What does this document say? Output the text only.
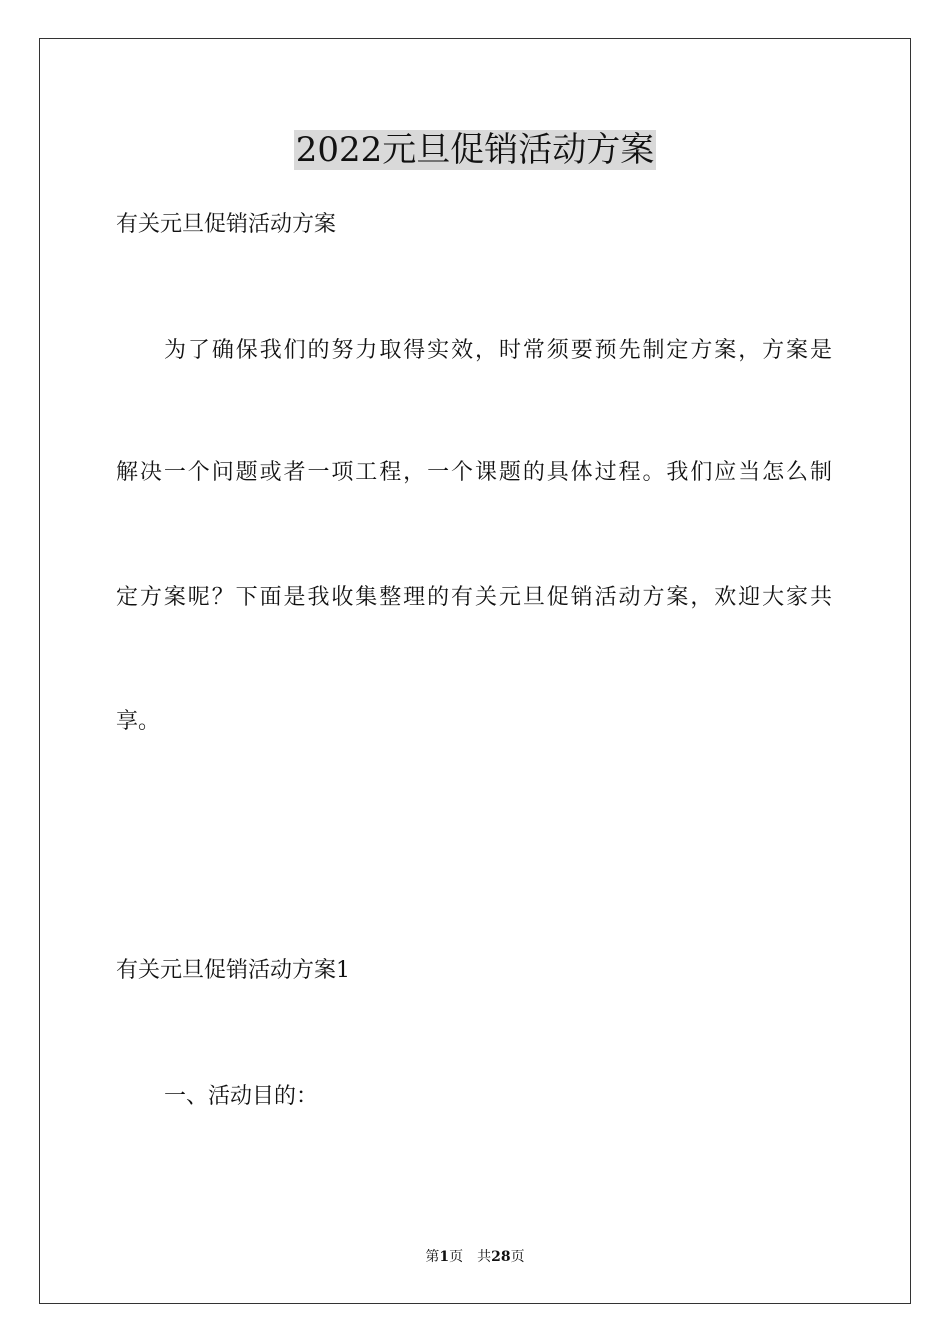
2022元旦促销活动方案
有关元旦促销活动方案
为了确保我们的努力取得实效，时常须要预先制定方案，方案是
解决一个问题或者一项工程，一个课题的具体过程。我们应当怎么制
定方案呢？下面是我收集整理的有关元旦促销活动方案，欢迎大家共
享。
有关元旦促销活动方案1
一、活动目的：
第1页  共28页
